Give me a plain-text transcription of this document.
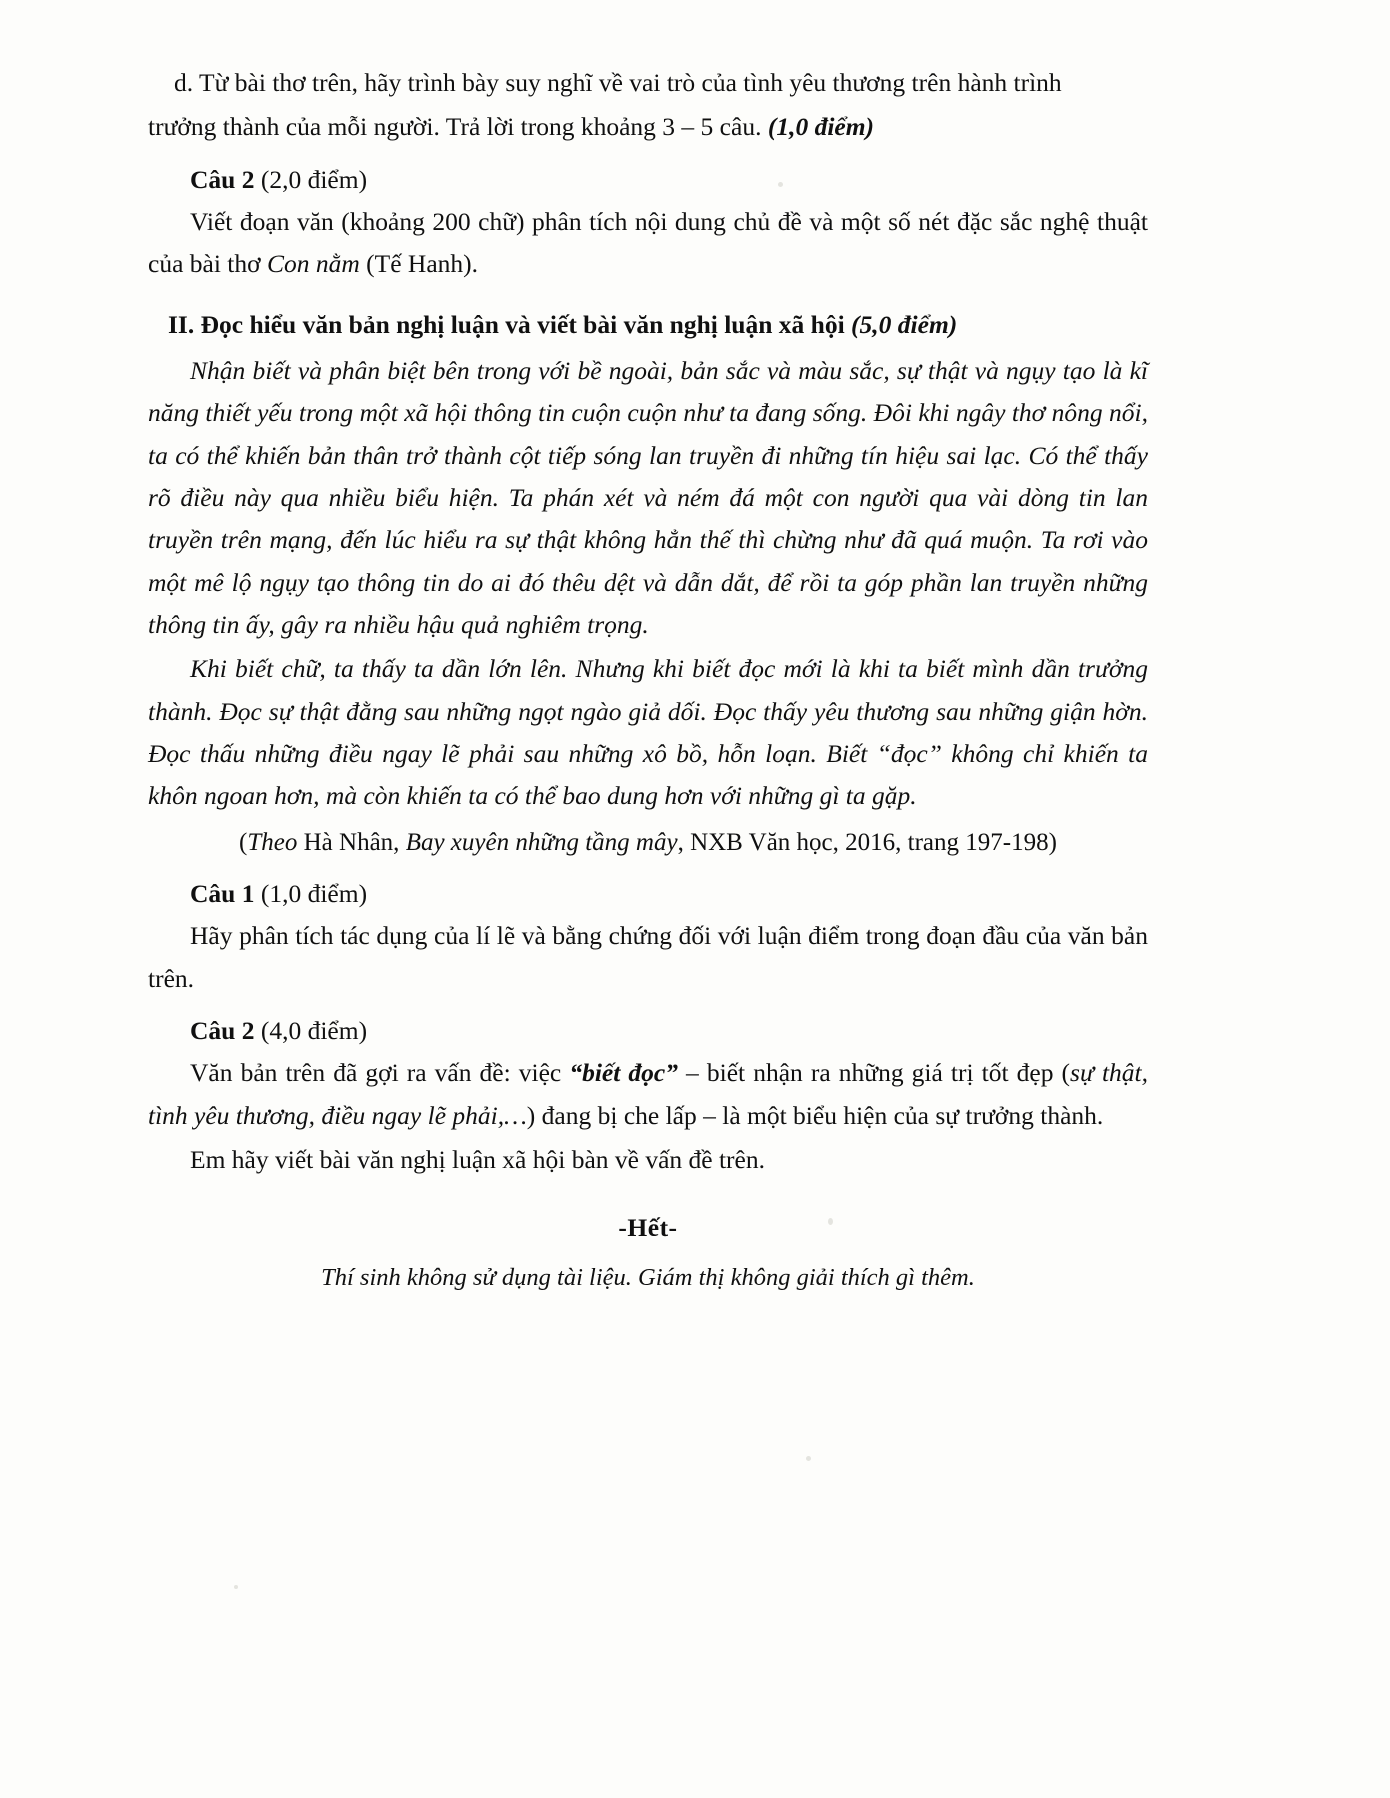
d. Từ bài thơ trên, hãy trình bày suy nghĩ về vai trò của tình yêu thương trên hành trình

trưởng thành của mỗi người. Trả lời trong khoảng 3 – 5 câu. (1,0 điểm)

Câu 2 (2,0 điểm)

Viết đoạn văn (khoảng 200 chữ) phân tích nội dung chủ đề và một số nét đặc sắc nghệ thuật của bài thơ Con nằm (Tế Hanh).

II. Đọc hiểu văn bản nghị luận và viết bài văn nghị luận xã hội (5,0 điểm)

Nhận biết và phân biệt bên trong với bề ngoài, bản sắc và màu sắc, sự thật và ngụy tạo là kĩ năng thiết yếu trong một xã hội thông tin cuộn cuộn như ta đang sống. Đôi khi ngây thơ nông nổi, ta có thể khiến bản thân trở thành cột tiếp sóng lan truyền đi những tín hiệu sai lạc. Có thể thấy rõ điều này qua nhiều biểu hiện. Ta phán xét và ném đá một con người qua vài dòng tin lan truyền trên mạng, đến lúc hiểu ra sự thật không hẳn thế thì chừng như đã quá muộn. Ta rơi vào một mê lộ ngụy tạo thông tin do ai đó thêu dệt và dẫn dắt, để rồi ta góp phần lan truyền những thông tin ấy, gây ra nhiều hậu quả nghiêm trọng.

Khi biết chữ, ta thấy ta dần lớn lên. Nhưng khi biết đọc mới là khi ta biết mình dần trưởng thành. Đọc sự thật đằng sau những ngọt ngào giả dối. Đọc thấy yêu thương sau những giận hờn. Đọc thấu những điều ngay lẽ phải sau những xô bồ, hỗn loạn. Biết “đọc” không chỉ khiến ta khôn ngoan hơn, mà còn khiến ta có thể bao dung hơn với những gì ta gặp.

(Theo Hà Nhân, Bay xuyên những tầng mây, NXB Văn học, 2016, trang 197-198)

Câu 1 (1,0 điểm)

Hãy phân tích tác dụng của lí lẽ và bằng chứng đối với luận điểm trong đoạn đầu của văn bản trên.

Câu 2 (4,0 điểm)

Văn bản trên đã gợi ra vấn đề: việc “biết đọc” – biết nhận ra những giá trị tốt đẹp (sự thật, tình yêu thương, điều ngay lẽ phải,…) đang bị che lấp – là một biểu hiện của sự trưởng thành.

Em hãy viết bài văn nghị luận xã hội bàn về vấn đề trên.

-Hết-

Thí sinh không sử dụng tài liệu. Giám thị không giải thích gì thêm.
